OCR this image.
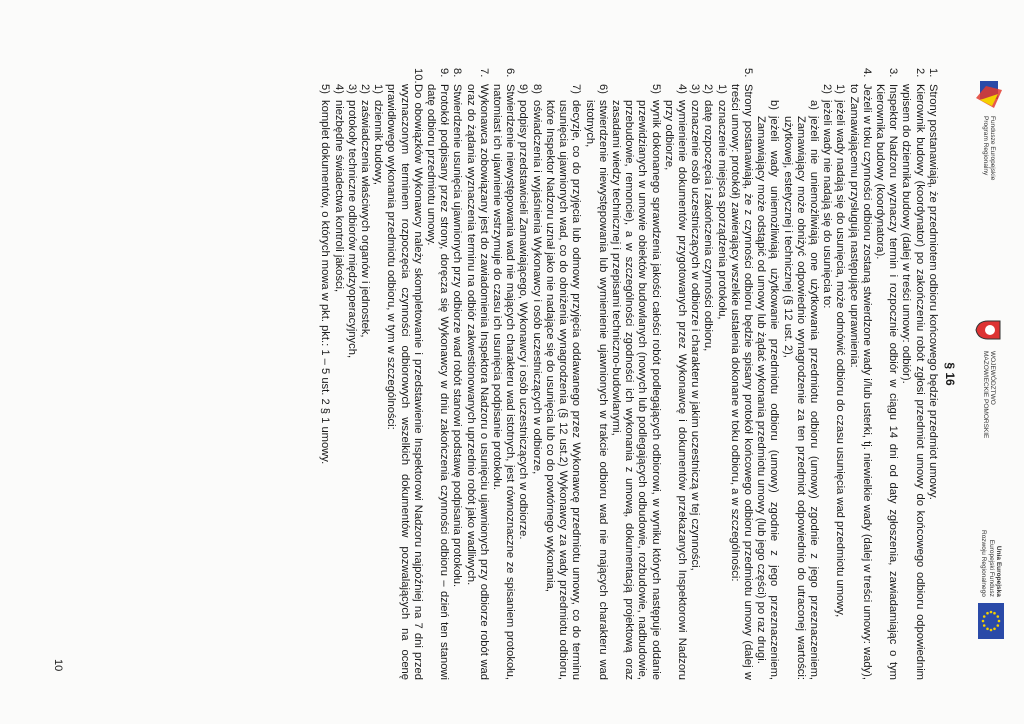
Fundusze Europejskie
Program Regionalny
WOJEWÓDZTWO
MAZOWIECKIE POMORSKIE
Unia Europejska
Europejski Fundusz
Rozwoju Regionalnego
§ 16
1.
Strony postanawiają, że przedmiotem odbioru końcowego będzie przedmiot umowy.
2.
Kierownik budowy (koordynator) po zakończeniu robót zgłosi przedmiot umowy do końcowego odbioru odpowiednim wpisem do dziennika budowy (dalej w treści umowy: odbiór).
3.
Inspektor Nadzoru wyznaczy termin i rozpocznie odbiór w ciągu 14 dni od daty zgłoszenia, zawiadamiając o tym Kierownika budowy (koordynatora).
4.
Jeżeli w toku czynności odbioru zostaną stwierdzone wady i/lub usterki, tj. niewielkie wady (dalej w treści umowy: wady), to Zamawiającemu przysługują następujące uprawnienia:
1)
jeżeli wady nadają się do usunięcia, może odmówić odbioru do czasu usunięcia wad przedmiotu umowy,
2)
jeżeli wady nie nadają się do usunięcia to:
a)
jeżeli nie uniemożliwiają one użytkowania przedmiotu odbioru (umowy) zgodnie z jego przeznaczeniem, Zamawiający może obniżyć odpowiednio wynagrodzenie za ten przedmiot odpowiednio do utraconej wartości: użytkowej, estetycznej i technicznej (§ 12 ust. 2),
b)
jeżeli wady uniemożliwiają użytkowanie przedmiotu odbioru (umowy) zgodnie z jego przeznaczeniem, Zamawiający może odstąpić od umowy lub żądać wykonania przedmiotu umowy (lub jego części) po raz drugi.
5.
Strony postanawiają, że z czynności odbioru będzie spisany protokół końcowego odbioru przedmiotu umowy (dalej w treści umowy: protokół) zawierający wszelkie ustalenia dokonane w toku odbioru, a w szczególności:
1)
oznaczenie miejsca sporządzenia protokołu,
2)
datę rozpoczęcia i zakończenia czynności odbioru,
3)
oznaczenie osób uczestniczących w odbiorze i charakteru w jakim uczestniczą w tej czynności,
4)
wymienienie dokumentów przygotowanych przez Wykonawcę i dokumentów przekazanych Inspektorowi Nadzoru przy odbiorze,
5)
wynik dokonanego sprawdzenia jakości całości robót podlegających odbiorowi, w wyniku których następuje oddanie przewidzianych w umowie obiektów budowlanych (nowych lub podlegających odbudowie, rozbudowie, nadbudowie, przebudowie, remoncie), a w szczególności zgodności ich wykonania z umową, dokumentacją projektową oraz zasadami wiedzy technicznej i przepisami techniczno-budowlanymi,
6)
stwierdzenie niewystępowania lub wymienienie ujawnionych w trakcie odbioru wad nie mających charakteru wad istotnych,
7)
decyzje, co do przyjęcia lub odmowy przyjęcia oddawanego przez Wykonawcę przedmiotu umowy, co do terminu usunięcia ujawnionych wad, co do obniżenia wynagrodzenia (§ 12 ust.2) Wykonawcy za wady przedmiotu odbioru, które Inspektor Nadzoru uznał jako nie nadające się do usunięcia lub co do powtórnego wykonania,
8)
oświadczenia i wyjaśnienia Wykonawcy i osób uczestniczących w odbiorze,
9)
podpisy przedstawicieli Zamawiającego, Wykonawcy i osób uczestniczących w odbiorze.
6.
Stwierdzenie niewystępowania wad nie mających charakteru wad istotnych, jest równoznaczne ze spisaniem protokołu, natomiast ich ujawnienie wstrzymuje do czasu ich usunięcia podpisanie protokołu.
7.
Wykonawca zobowiązany jest do zawiadomienia Inspektora Nadzoru o usunięciu ujawnionych przy odbiorze robót wad oraz do żądania wyznaczenia terminu na odbiór zakwestionowanych uprzednio robót jako wadliwych.
8.
Stwierdzenie usunięcia ujawnionych przy odbiorze wad robót stanowi podstawę podpisania protokołu.
9.
Protokół podpisany przez strony, doręcza się Wykonawcy w dniu zakończenia czynności odbioru – dzień ten stanowi datę odbioru przedmiotu umowy.
10.
Do obowiązków Wykonawcy należy skompletowanie i przedstawienie Inspektorowi Nadzoru najpóźniej na 7 dni przed wyznaczonym terminem rozpoczęcia czynności odbiorowych wszelkich dokumentów pozwalających na ocenę prawidłowego wykonania przedmiotu odbioru, w tym w szczególności:
1)
dziennik budowy,
2)
zaświadczenia właściwych organów i jednostek,
3)
protokoły techniczne odbiorów międzyoperacyjnych,
4)
niezbędne świadectwa kontroli jakości,
5)
komplet dokumentów, o których mowa w pkt. pkt.: 1 – 5 ust. 2 § 1 umowy.
10
